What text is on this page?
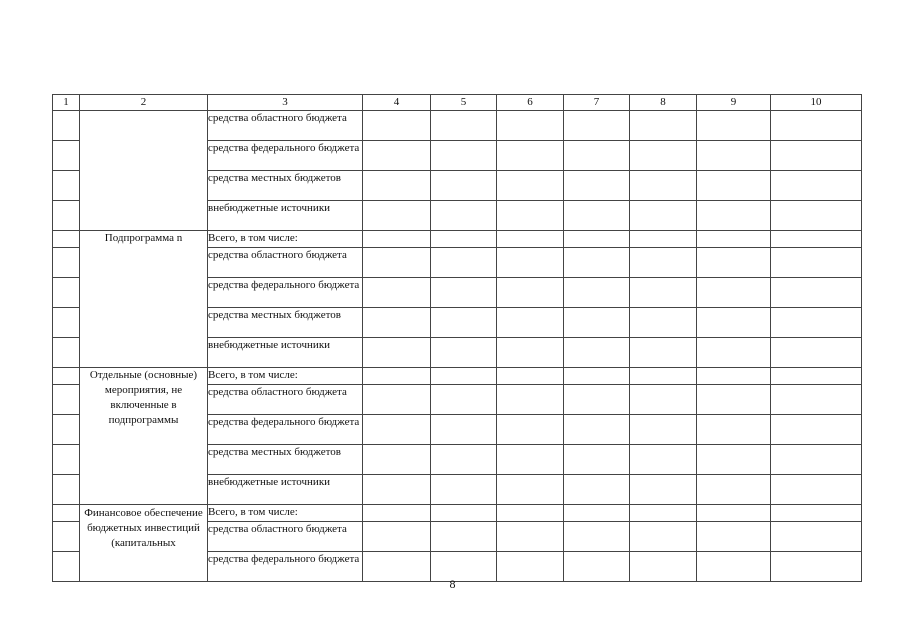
1	2	3	4	5	6	7	8	9	10
		средства областного бюджета							
		средства федерального бюджета							
		средства местных бюджетов							
		внебюджетные источники							
	Подпрограмма n	Всего, в том числе:							
		средства областного бюджета							
		средства федерального бюджета							
		средства местных бюджетов							
		внебюджетные источники							
	Отдельные (основные) мероприятия, не включенные в подпрограммы	Всего, в том числе:							
		средства областного бюджета							
		средства федерального бюджета							
		средства местных бюджетов							
		внебюджетные источники							
	Финансовое обеспечение бюджетных инвестиций (капитальных	Всего, в том числе:							
		средства областного бюджета							
		средства федерального бюджета							
8
